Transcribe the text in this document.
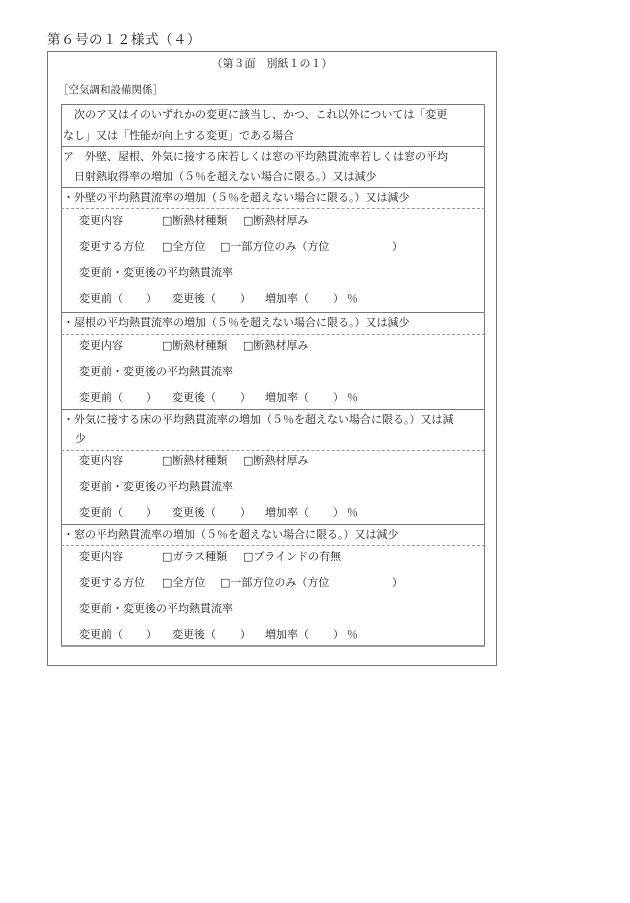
第６号の１２様式（４）
（第３面　別紙１の１）
［空気調和設備関係］
　次のア又はイのいずれかの変更に該当し、かつ、これ以外については「変更
なし」又は「性能が向上する変更」である場合
ア　外壁、屋根、外気に接する床若しくは窓の平均熱貫流率若しくは窓の平均
　日射熱取得率の増加（５％を超えない場合に限る。）又は減少
・外壁の平均熱貫流率の増加（５％を超えない場合に限る。）又は減少
変更内容	□断熱材種類 □断熱材厚み
変更する方位 □全方位 □一部方位のみ（方位	）
変更前・変更後の平均熱貫流率
変更前（ ） 変更後（ ） 増加率（ ） ％
・屋根の平均熱貫流率の増加（５％を超えない場合に限る。）又は減少
変更内容	□断熱材種類 □断熱材厚み
変更前・変更後の平均熱貫流率
変更前（ ） 変更後（ ） 増加率（ ） ％
・外気に接する床の平均熱貫流率の増加（５％を超えない場合に限る。）又は減
少
変更内容	□断熱材種類 □断熱材厚み
変更前・変更後の平均熱貫流率
変更前（ ） 変更後（ ） 増加率（ ） ％
・窓の平均熱貫流率の増加（５％を超えない場合に限る。）又は減少
変更内容	□ガラス種類 □ブラインドの有無
変更する方位 □全方位 □一部方位のみ（方位	）
変更前・変更後の平均熱貫流率
変更前（ ） 変更後（ ） 増加率（ ） ％
